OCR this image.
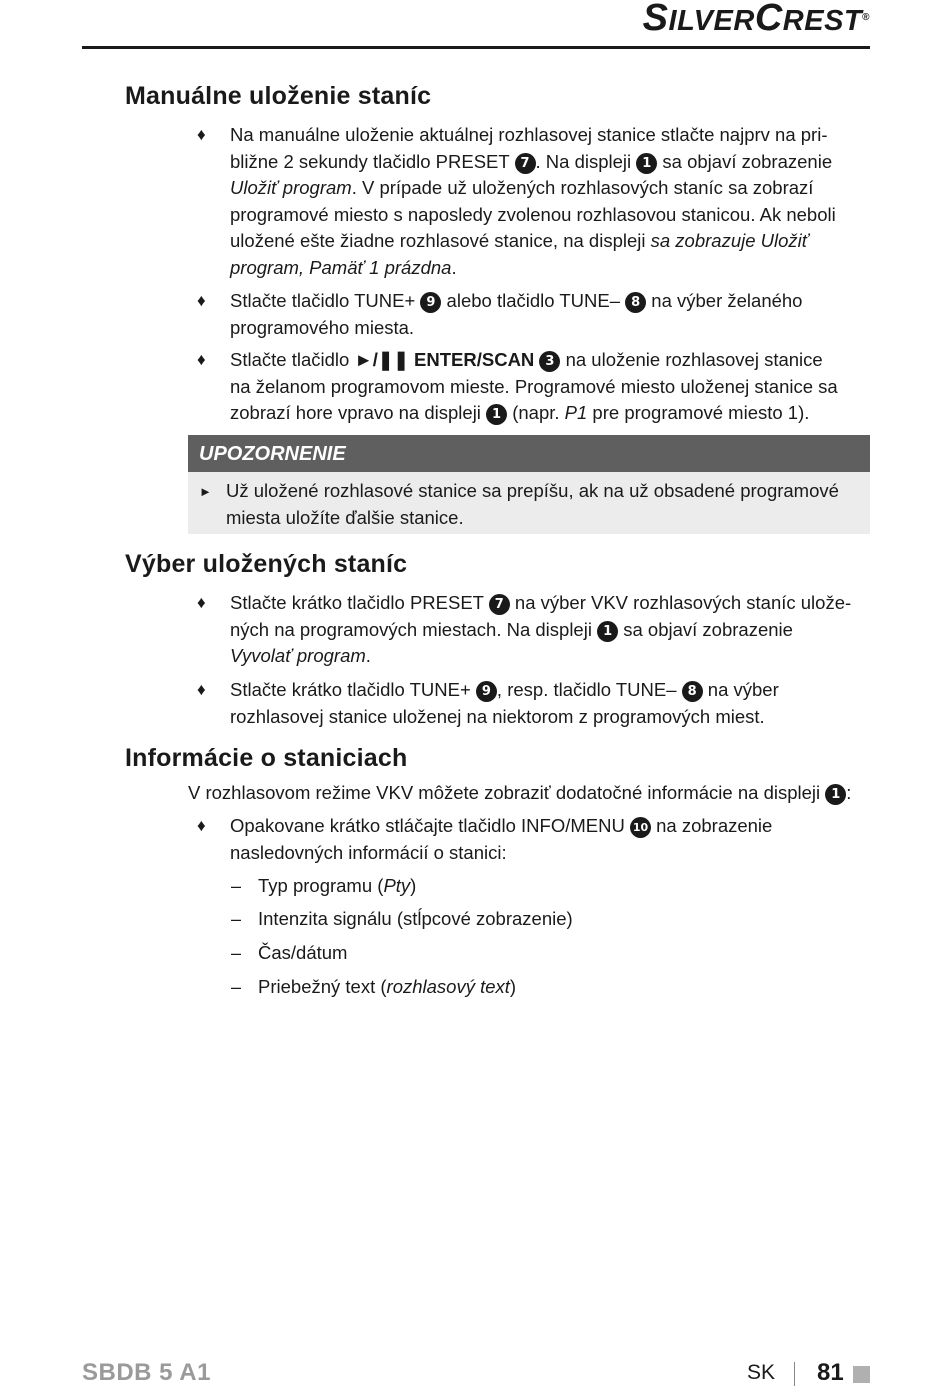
SILVERCREST®
Manuálne uloženie staníc
♦ Na manuálne uloženie aktuálnej rozhlasovej stanice stlačte najprv na pri-
bližne 2 sekundy tlačidlo PRESET 7 . Na displeji 1 sa objaví zobrazenie
Uložiť program. V prípade už uložených rozhlasových staníc sa zobrazí
programové miesto s naposledy zvolenou rozhlasovou stanicou. Ak neboli
uložené ešte žiadne rozhlasové stanice, na displeji sa zobrazuje Uložiť
program, Pamäť 1 prázdna.
♦ Stlačte tlačidlo TUNE+ 9 alebo tlačidlo TUNE– 8 na výber želaného
programového miesta.
♦ Stlačte tlačidlo ►/❚❚ ENTER/SCAN 3 na uloženie rozhlasovej stanice
na želanom programovom mieste. Programové miesto uloženej stanice sa
zobrazí hore vpravo na displeji 1 (napr. P1 pre programové miesto 1).
UPOZORNENIE
► Už uložené rozhlasové stanice sa prepíšu, ak na už obsadené programové
miesta uložíte ďalšie stanice.
Výber uložených staníc
♦ Stlačte krátko tlačidlo PRESET 7 na výber VKV rozhlasových staníc ulože-
ných na programových miestach. Na displeji 1 sa objaví zobrazenie
Vyvolať program.
♦ Stlačte krátko tlačidlo TUNE+ 9 , resp. tlačidlo TUNE– 8 na výber
rozhlasovej stanice uloženej na niektorom z programových miest.
Informácie o staniciach
V rozhlasovom režime VKV môžete zobraziť dodatočné informácie na displeji 1 :
♦ Opakovane krátko stláčajte tlačidlo INFO/MENU 10 na zobrazenie
nasledovných informácií o stanici:
– Typ programu (Pty)
– Intenzita signálu (stĺpcové zobrazenie)
– Čas/dátum
– Priebežný text (rozhlasový text)
SBDB 5 A1	SK 81
